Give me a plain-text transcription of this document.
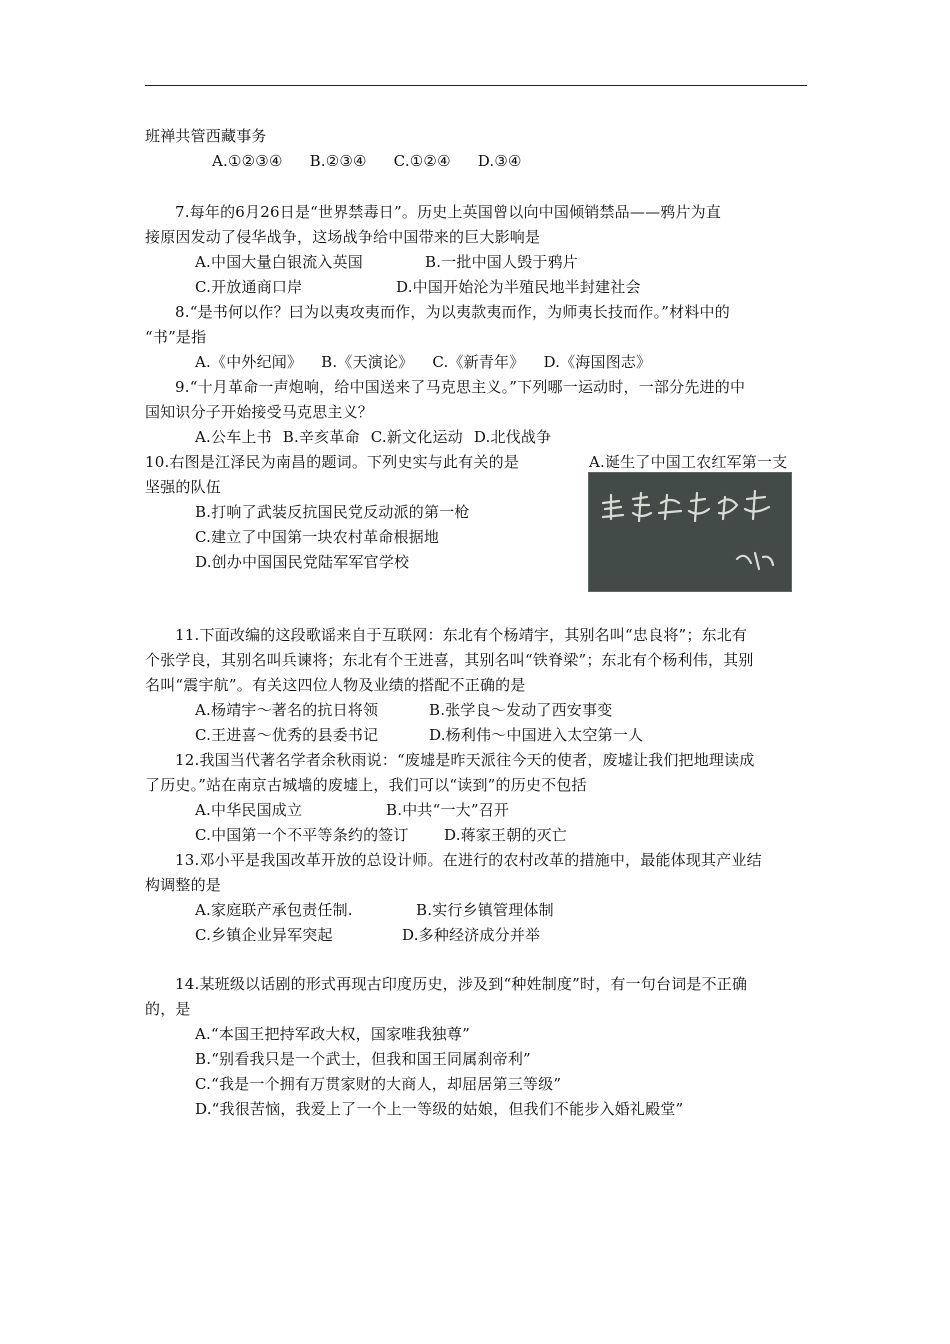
班禅共管西藏事务
A.①②③④ B.②③④ C.①②④ D.③④
7.每年的6月26日是“世界禁毒日”。历史上英国曾以向中国倾销禁品——鸦片为直
接原因发动了侵华战争，这场战争给中国带来的巨大影响是
A.中国大量白银流入英国	B.一批中国人毁于鸦片
C.开放通商口岸	D.中国开始沦为半殖民地半封建社会
8.“是书何以作？曰为以夷攻夷而作，为以夷款夷而作，为师夷长技而作。”材料中的
“书”是指
A.《中外纪闻》 B.《天演论》 C.《新青年》 D.《海国图志》
9.“十月革命一声炮响，给中国送来了马克思主义。”下列哪一运动时，一部分先进的中
国知识分子开始接受马克思主义？
A.公车上书 B.辛亥革命 C.新文化运动 D.北伐战争
10.右图是江泽民为南昌的题词。下列史实与此有关的是	A.诞生了中国工农红军第一支
坚强的队伍
B.打响了武装反抗国民党反动派的第一枪
C.建立了中国第一块农村革命根据地
D.创办中国国民党陆军军官学校
11.下面改编的这段歌谣来自于互联网：东北有个杨靖宇，其别名叫“忠良将”；东北有
个张学良，其别名叫兵谏将；东北有个王进喜，其别名叫“铁脊梁”；东北有个杨利伟，其别
名叫“震宇航”。有关这四位人物及业绩的搭配不正确的是
A.杨靖宇～著名的抗日将领	B.张学良～发动了西安事变
C.王进喜～优秀的县委书记	D.杨利伟～中国进入太空第一人
12.我国当代著名学者余秋雨说：“废墟是昨天派往今天的使者，废墟让我们把地理读成
了历史。”站在南京古城墙的废墟上，我们可以“读到”的历史不包括
A.中华民国成立	B.中共“一大”召开
C.中国第一个不平等条约的签订 D.蒋家王朝的灭亡
13.邓小平是我国改革开放的总设计师。在进行的农村改革的措施中，最能体现其产业结
构调整的是
A.家庭联产承包责任制.	B.实行乡镇管理体制
C.乡镇企业异军突起	D.多种经济成分并举
14.某班级以话剧的形式再现古印度历史，涉及到“种姓制度”时，有一句台词是不正确
的，是
A.“本国王把持军政大权，国家唯我独尊”
B.“别看我只是一个武士，但我和国王同属刹帝利”
C.“我是一个拥有万贯家财的大商人，却屈居第三等级”
D.“我很苦恼，我爱上了一个上一等级的姑娘，但我们不能步入婚礼殿堂”
